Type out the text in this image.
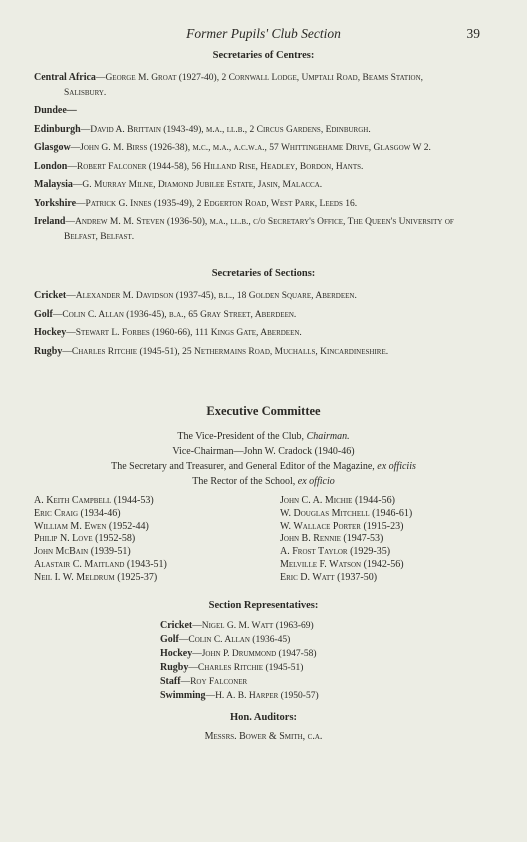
Former Pupils' Club Section	39
Secretaries of Centres:
Central Africa—George M. Groat (1927-40), 2 Cornwall Lodge, Umptali Road, Beams Station, Salisbury.
Dundee—
Edinburgh—David A. Brittain (1943-49), m.a., ll.b., 2 Circus Gardens, Edinburgh.
Glasgow—John G. M. Birss (1926-38), m.c., m.a., a.c.w.a., 57 Whittingehame Drive, Glasgow W 2.
London—Robert Falconer (1944-58), 56 Hilland Rise, Headley, Bordon, Hants.
Malaysia—G. Murray Milne, Diamond Jubilee Estate, Jasin, Malacca.
Yorkshire—Patrick G. Innes (1935-49), 2 Edgerton Road, West Park, Leeds 16.
Ireland—Andrew M. M. Steven (1936-50), m.a., ll.b., c/o Secretary's Office, The Queen's University of Belfast, Belfast.
Secretaries of Sections:
Cricket—Alexander M. Davidson (1937-45), b.l., 18 Golden Square, Aberdeen.
Golf—Colin C. Allan (1936-45), b.a., 65 Gray Street, Aberdeen.
Hockey—Stewart L. Forbes (1960-66), 111 Kings Gate, Aberdeen.
Rugby—Charles Ritchie (1945-51), 25 Nethermains Road, Muchalls, Kincardineshire.
Executive Committee
The Vice-President of the Club, Chairman.
Vice-Chairman—John W. Cradock (1940-46)
The Secretary and Treasurer, and General Editor of the Magazine, ex officiis
The Rector of the School, ex officio
A. Keith Campbell (1944-53)
Eric Craig (1934-46)
William M. Ewen (1952-44)
Philip N. Love (1952-58)
John McBain (1939-51)
Alastair C. Maitland (1943-51)
Neil I. W. Meldrum (1925-37)
John C. A. Michie (1944-56)
W. Douglas Mitchell (1946-61)
W. Wallace Porter (1915-23)
John B. Rennie (1947-53)
A. Frost Taylor (1929-35)
Melville F. Watson (1942-56)
Eric D. Watt (1937-50)
Section Representatives:
Cricket—Nigel G. M. Watt (1963-69)
Golf—Colin C. Allan (1936-45)
Hockey—John P. Drummond (1947-58)
Rugby—Charles Ritchie (1945-51)
Staff—Roy Falconer
Swimming—H. A. B. Harper (1950-57)
Hon. Auditors:
Messrs. Bower & Smith, c.a.
